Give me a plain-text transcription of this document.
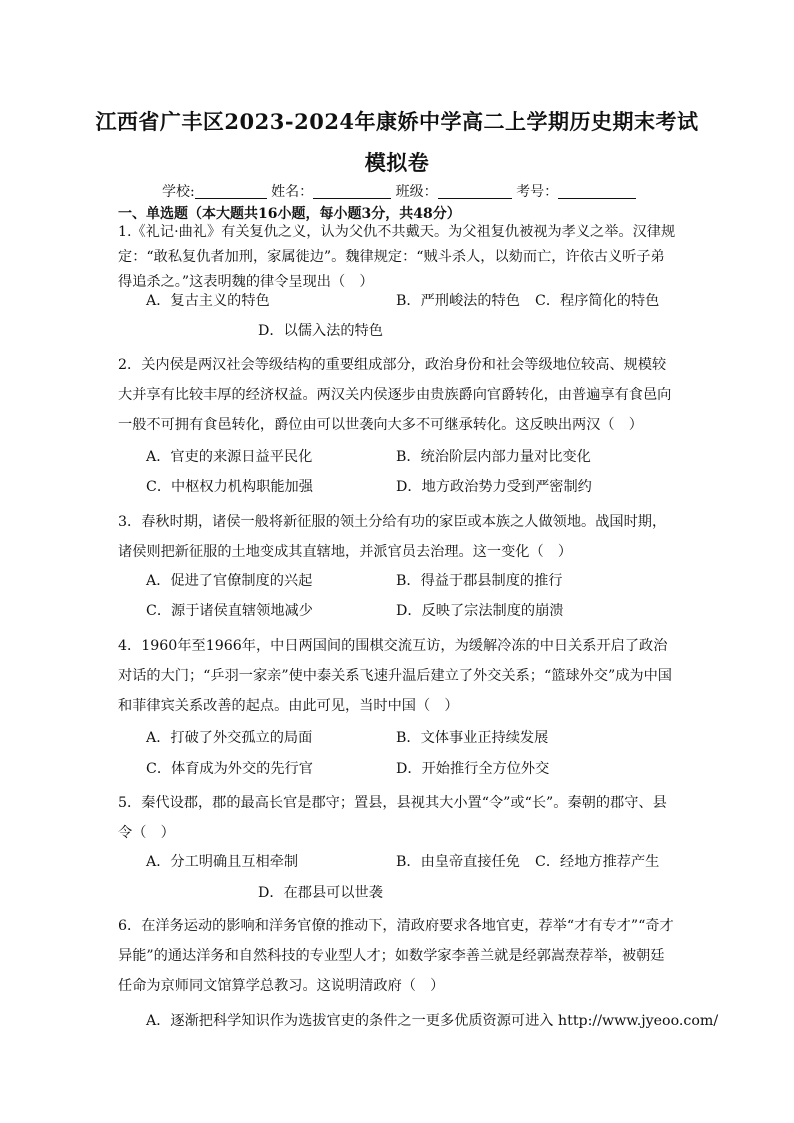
江西省广丰区2023-2024年康娇中学高二上学期历史期末考试
模拟卷
学校:	姓名：	班级：	考号：
一、单选题（本大题共16小题，每小题3分，共48分）

1.《礼记·曲礼》有关复仇之义，认为父仇不共戴天。为父祖复仇被视为孝义之举。汉律规定：“敢私复仇者加刑，家属徙边”。魏律规定：“贼斗杀人，以劾而亡，许依古义听子弟得追杀之。”这表明魏的律令呈现出（　）

A．复古主义的特色	B．严刑峻法的特色 C．程序简化的特色
D．以儒入法的特色

2．关内侯是两汉社会等级结构的重要组成部分，政治身份和社会等级地位较高、规模较大并享有比较丰厚的经济权益。两汉关内侯逐步由贵族爵向官爵转化，由普遍享有食邑向一般不可拥有食邑转化，爵位由可以世袭向大多不可继承转化。这反映出两汉（　）

A．官吏的来源日益平民化	B．统治阶层内部力量对比变化
C．中枢权力机构职能加强	D．地方政治势力受到严密制约

3．春秋时期，诸侯一般将新征服的领土分给有功的家臣或本族之人做领地。战国时期，诸侯则把新征服的土地变成其直辖地，并派官员去治理。这一变化（　）

A．促进了官僚制度的兴起	B．得益于郡县制度的推行
C．源于诸侯直辖领地减少	D．反映了宗法制度的崩溃

4．1960年至1966年，中日两国间的围棋交流互访，为缓解冷冻的中日关系开启了政治对话的大门；“乒羽一家亲”使中泰关系飞速升温后建立了外交关系；“篮球外交”成为中国和菲律宾关系改善的起点。由此可见，当时中国（　）

A．打破了外交孤立的局面	B．文体事业正持续发展
C．体育成为外交的先行官	D．开始推行全方位外交

5．秦代设郡，郡的最高长官是郡守；置县，县视其大小置“令”或“长”。秦朝的郡守、县令（　）

A．分工明确且互相牵制	B．由皇帝直接任免 C．经地方推荐产生
D．在郡县可以世袭

6．在洋务运动的影响和洋务官僚的推动下，清政府要求各地官吏，荐举“才有专才”“奇才异能”的通达洋务和自然科技的专业型人才；如数学家李善兰就是经郭嵩焘荐举，被朝廷任命为京师同文馆算学总教习。这说明清政府（　）

A．逐渐把科学知识作为选拔官吏的条件之一更多优质资源可进入 http://www.jyeoo.com/
